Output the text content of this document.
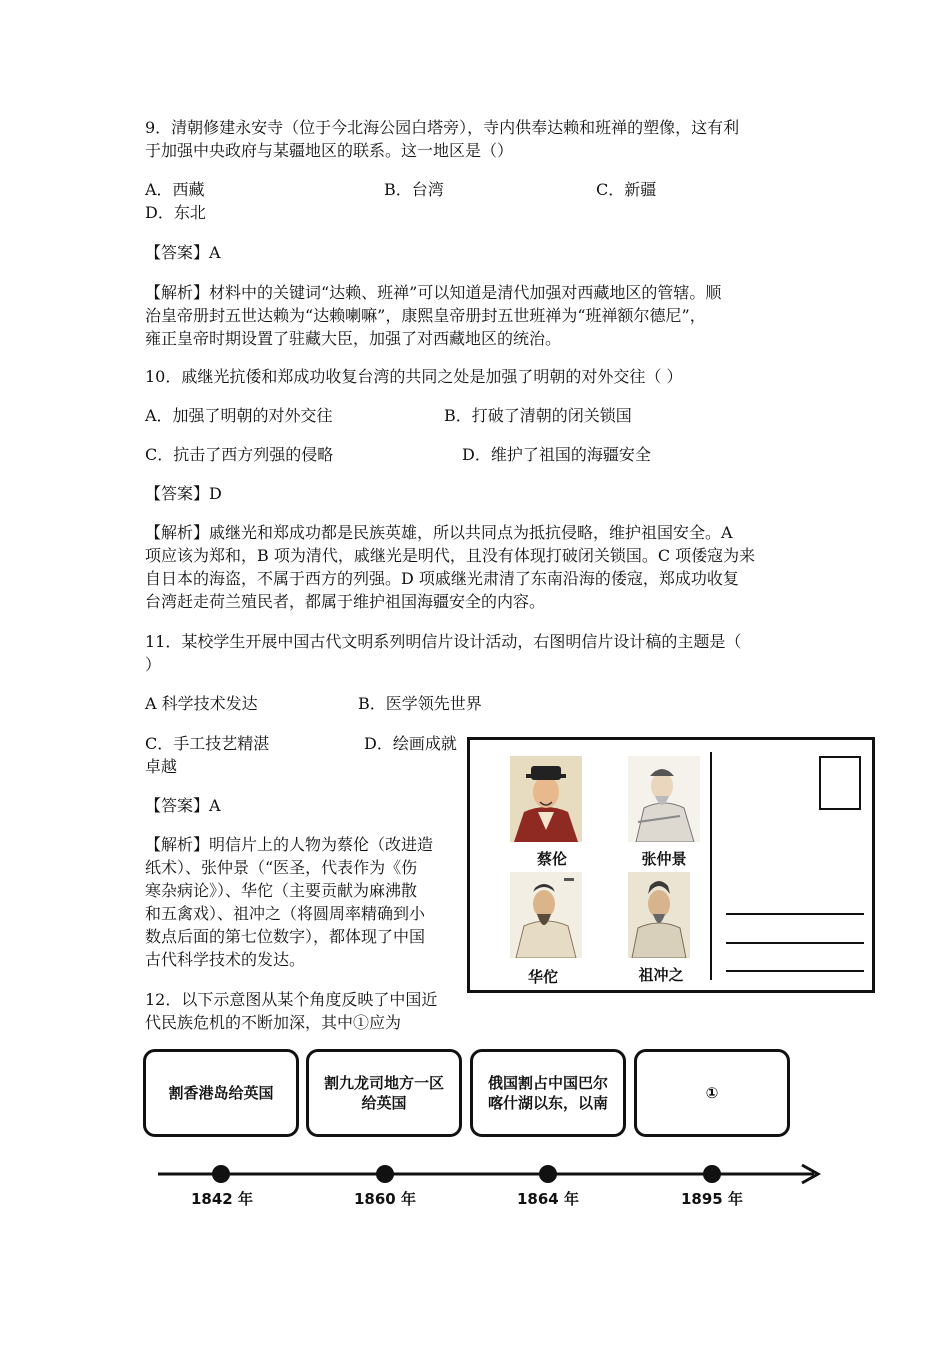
9．清朝修建永安寺（位于今北海公园白塔旁），寺内供奉达赖和班禅的塑像，这有利
于加强中央政府与某疆地区的联系。这一地区是（）
A．西藏	B．台湾	C．新疆
D．东北
【答案】A
【解析】材料中的关键词“达赖、班禅”可以知道是清代加强对西藏地区的管辖。顺
治皇帝册封五世达赖为“达赖喇嘛”，康熙皇帝册封五世班禅为“班禅额尔德尼”，
雍正皇帝时期设置了驻藏大臣，加强了对西藏地区的统治。
10．戚继光抗倭和郑成功收复台湾的共同之处是加强了明朝的对外交往（ ）
A．加强了明朝的对外交往	B．打破了清朝的闭关锁国
C．抗击了西方列强的侵略	D．维护了祖国的海疆安全
【答案】D
【解析】戚继光和郑成功都是民族英雄，所以共同点为抵抗侵略，维护祖国安全。A
项应该为郑和，B 项为清代，戚继光是明代，且没有体现打破闭关锁国。C 项倭寇为来
自日本的海盗，不属于西方的列强。D 项戚继光肃清了东南沿海的倭寇，郑成功收复
台湾赶走荷兰殖民者，都属于维护祖国海疆安全的内容。
11．某校学生开展中国古代文明系列明信片设计活动，右图明信片设计稿的主题是（
）
A 科学技术发达	B．医学领先世界
C．手工技艺精湛	D．绘画成就
卓越
【答案】A
【解析】明信片上的人物为蔡伦（改进造
纸术）、张仲景（“医圣，代表作为《伤
寒杂病论》）、华佗（主要贡献为麻沸散
和五禽戏）、祖冲之（将圆周率精确到小
数点后面的第七位数字），都体现了中国
古代科学技术的发达。
蔡伦	张仲景
华佗	祖冲之
12．以下示意图从某个角度反映了中国近
代民族危机的不断加深，其中①应为
割香港岛给英国
割九龙司地方一区给英国
俄国割占中国巴尔喀什湖以东，以南
①
1842 年	1860 年	1864 年	1895 年
